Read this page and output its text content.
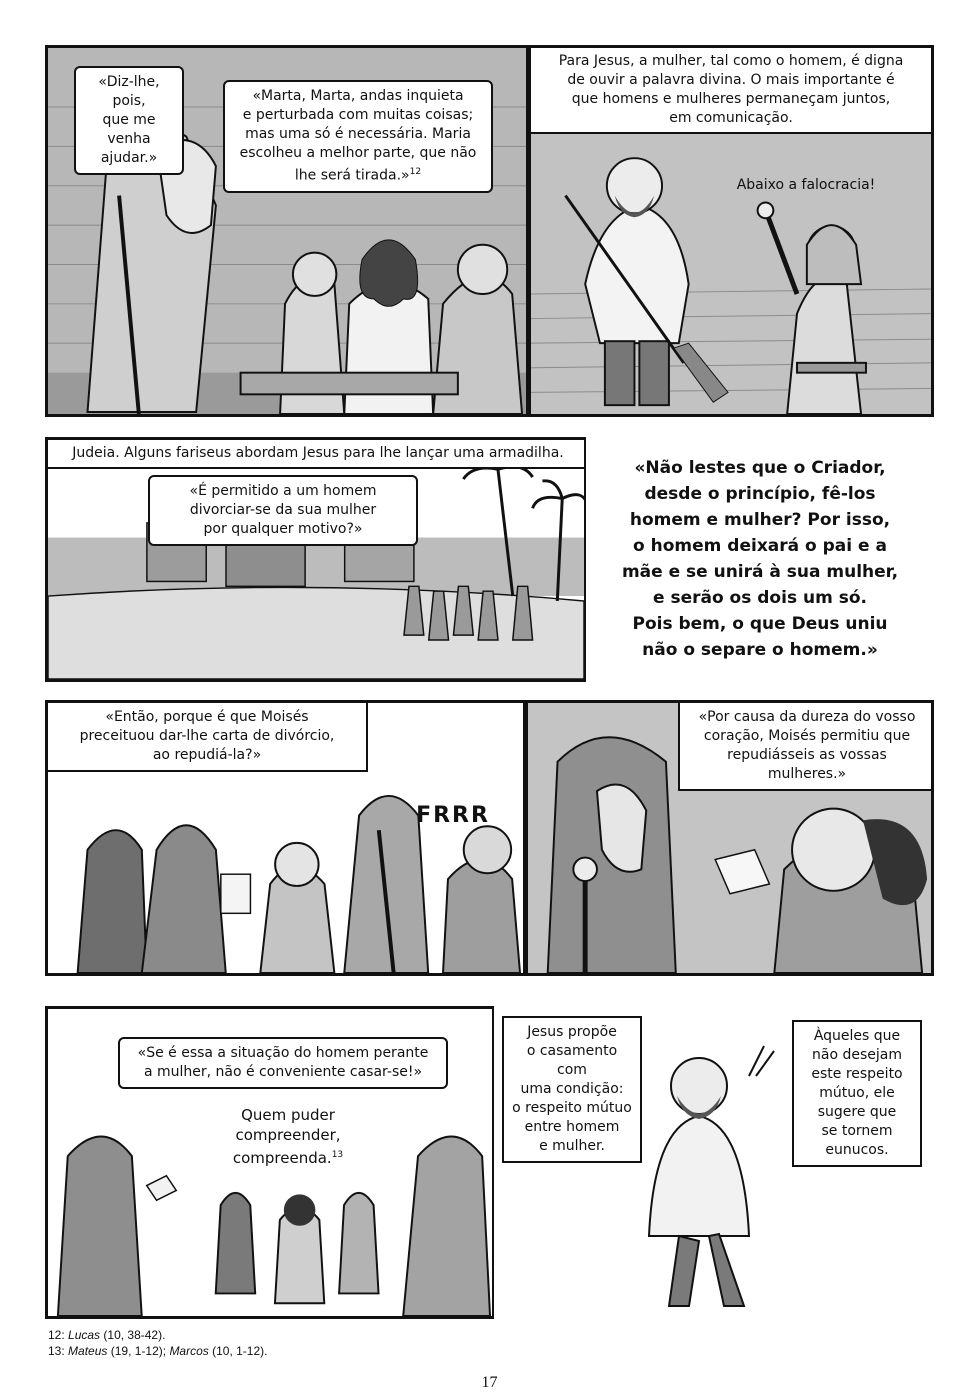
«Diz-lhe, pois,
que me venha
ajudar.»
«Marta, Marta, andas inquieta
e perturbada com muitas coisas;
mas uma só é necessária. Maria
escolheu a melhor parte, que não
lhe será tirada.»$^{12}$
Para Jesus, a mulher, tal como o homem, é digna
de ouvir a palavra divina. O mais importante é
que homens e mulheres permaneçam juntos,
em comunicação.
Abaixo a falocracia!
Judeia. Alguns fariseus abordam Jesus para lhe lançar uma armadilha.
«É permitido a um homem
divorciar-se da sua mulher
por qualquer motivo?»
«Não lestes que o Criador,
desde o princípio, fê-los
homem e mulher? Por isso,
o homem deixará o pai e a
mãe e se unirá à sua mulher,
e serão os dois um só.
Pois bem, o que Deus uniu
não o separe o homem.»
«Então, porque é que Moisés
preceituou dar-lhe carta de divórcio,
ao repudiá-la?»
FRRR
«Por causa da dureza do vosso
coração, Moisés permitiu que
repudiásseis as vossas mulheres.»
«Se é essa a situação do homem perante
a mulher, não é conveniente casar-se!»
Quem puder
compreender,
compreenda.$^{13}$
Jesus propõe
o casamento com
uma condição:
o respeito mútuo
entre homem
e mulher.
Àqueles que
não desejam
este respeito
mútuo, ele
sugere que
se tornem
eunucos.
12: Lucas (10, 38-42).
13: Mateus (19, 1-12); Marcos (10, 1-12).
17
